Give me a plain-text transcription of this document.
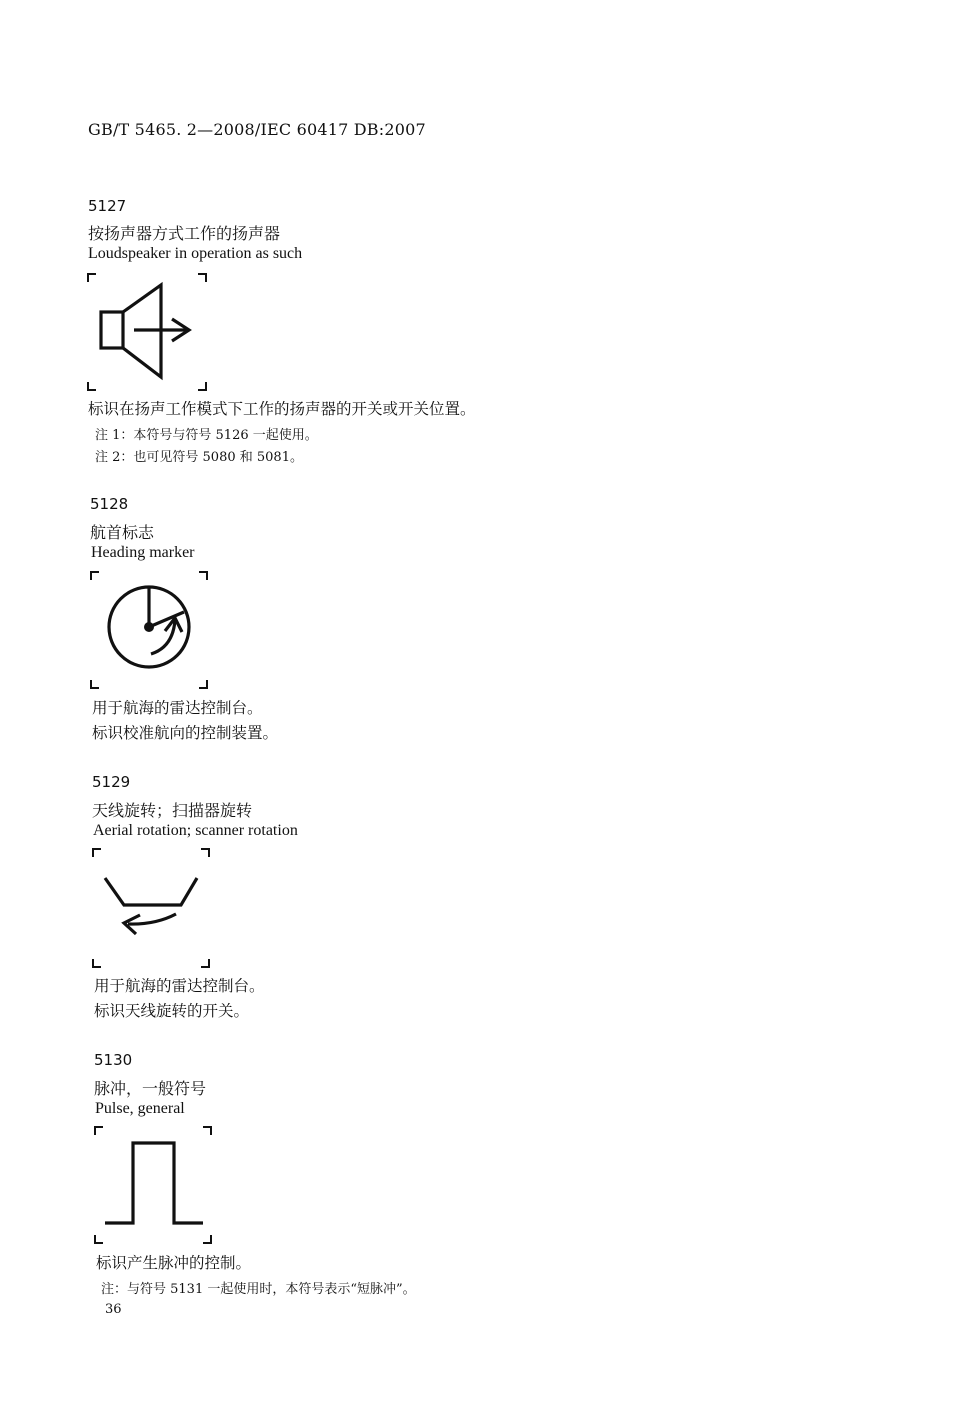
GB/T 5465. 2—2008/IEC 60417 DB:2007
5127
按扬声器方式工作的扬声器
Loudspeaker in operation as such
标识在扬声工作模式下工作的扬声器的开关或开关位置。
注 1：本符号与符号 5126 一起使用。
注 2：也可见符号 5080 和 5081。
5128
航首标志
Heading marker
用于航海的雷达控制台。
标识校准航向的控制装置。
5129
天线旋转；扫描器旋转
Aerial rotation; scanner rotation
用于航海的雷达控制台。
标识天线旋转的开关。
5130
脉冲，一般符号
Pulse, general
标识产生脉冲的控制。
注：与符号 5131 一起使用时，本符号表示“短脉冲”。
36
